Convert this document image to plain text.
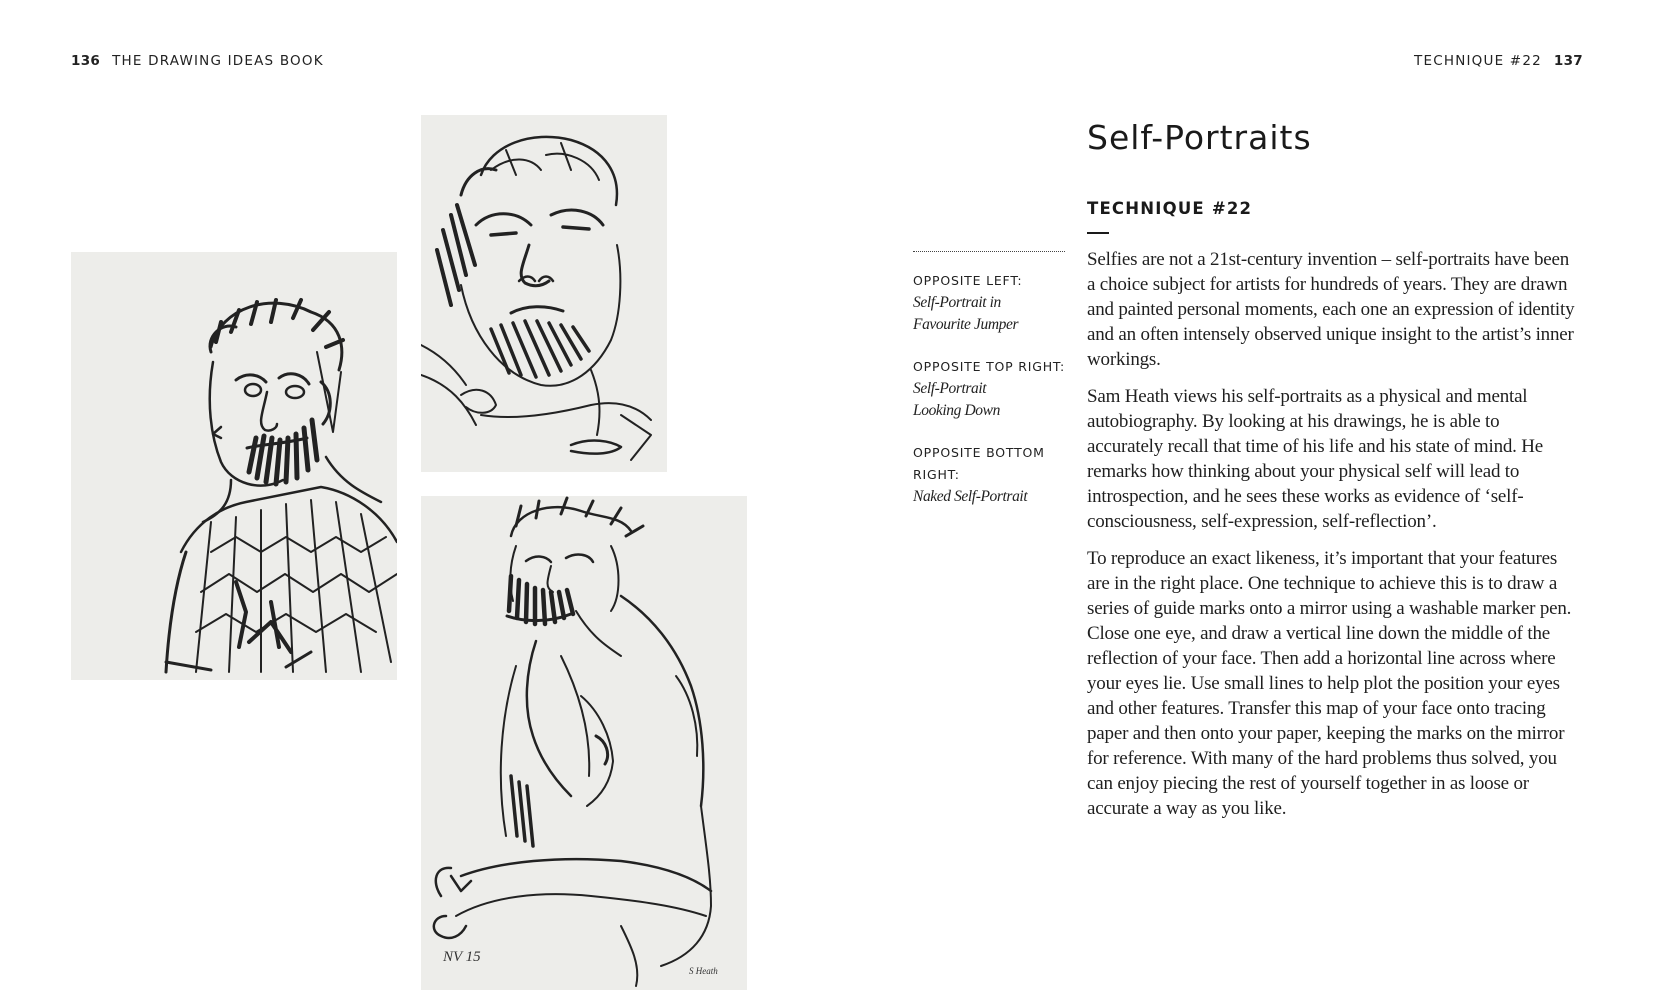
136 THE DRAWING IDEAS BOOK	TECHNIQUE #22 137
NV 15
S Heath
OPPOSITE LEFT:
Self-Portrait in
Favourite Jumper
OPPOSITE TOP RIGHT:
Self-Portrait
Looking Down
OPPOSITE BOTTOM
RIGHT:
Naked Self-Portrait
Self-Portraits
TECHNIQUE #22

Selfies are not a 21st-century invention – self-portraits have been a choice subject for artists for hundreds of years. They are drawn and painted personal moments, each one an expression of identity and an often intensely observed unique insight to the artist’s inner workings.

Sam Heath views his self-portraits as a physical and mental autobiography. By looking at his drawings, he is able to accurately recall that time of his life and his state of mind. He remarks how thinking about your physical self will lead to introspection, and he sees these works as evidence of ‘self-consciousness, self-expression, self-reflection’.

To reproduce an exact likeness, it’s important that your features are in the right place. One technique to achieve this is to draw a series of guide marks onto a mirror using a washable marker pen. Close one eye, and draw a vertical line down the middle of the reflection of your face. Then add a horizontal line across where your eyes lie. Use small lines to help plot the position your eyes and other features. Transfer this map of your face onto tracing paper and then onto your paper, keeping the marks on the mirror for reference. With many of the hard problems thus solved, you can enjoy piecing the rest of yourself together in as loose or accurate a way as you like.
